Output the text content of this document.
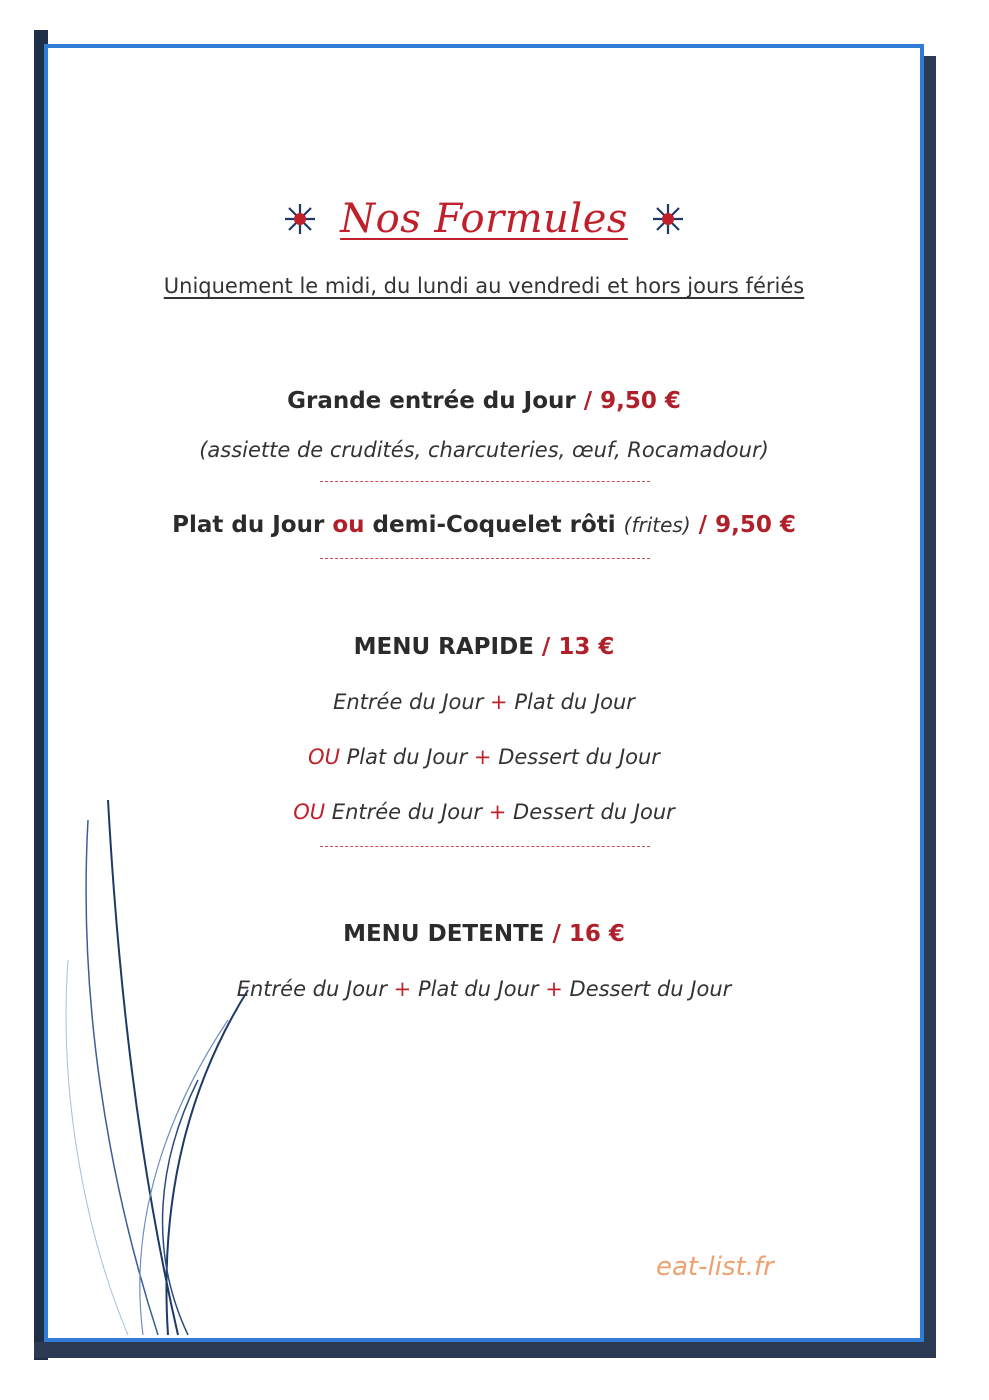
Nos Formules
Uniquement le midi, du lundi au vendredi et hors jours fériés
Grande entrée du Jour / 9,50 €
(assiette de crudités, charcuteries, œuf, Rocamadour)
Plat du Jour ou demi-Coquelet rôti (frites) / 9,50 €
MENU RAPIDE / 13 €
Entrée du Jour + Plat du Jour
OU Plat du Jour + Dessert du Jour
OU Entrée du Jour + Dessert du Jour
MENU DETENTE / 16 €
Entrée du Jour + Plat du Jour + Dessert du Jour
eat-list.fr
